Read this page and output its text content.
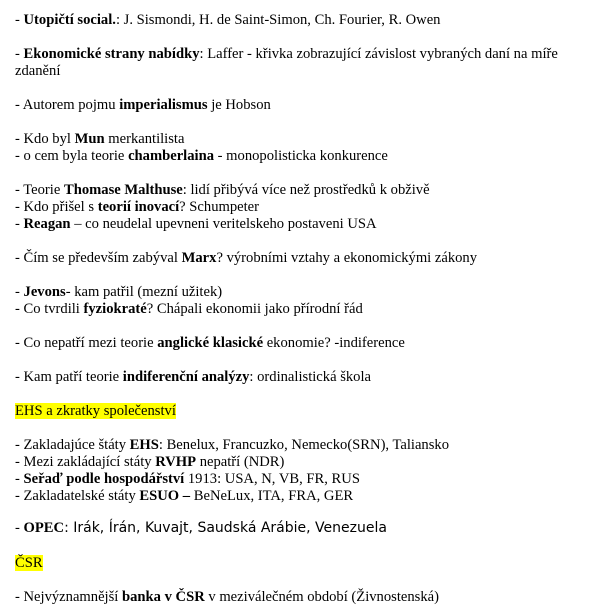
- Utopičtí social.: J. Sismondi, H. de Saint-Simon, Ch. Fourier, R. Owen
- Ekonomické strany nabídky: Laffer - křivka zobrazující závislost vybraných daní na míře zdanění
- Autorem pojmu imperialismus je Hobson
- Kdo byl Mun merkantilista
- o cem byla teorie chamberlaina - monopolisticka konkurence
- Teorie Thomase Malthuse: lidí přibývá více než prostředků k obživě
- Kdo přišel s teorií inovací? Schumpeter
- Reagan – co neudelal upevneni veritelskeho postaveni USA
- Čím se především zabýval Marx? výrobními vztahy a ekonomickými zákony
- Jevons- kam patřil (mezní užitek)
- Co tvrdili fyziokraté? Chápali ekonomii jako přírodní řád
- Co nepatří mezi teorie anglické klasické ekonomie? -indiference
- Kam patří teorie indiferenční analýzy: ordinalistická škola
EHS a zkratky společenství
- Zakladajúce štáty EHS: Benelux, Francuzko, Nemecko(SRN), Taliansko
- Mezi zakládající státy RVHP nepatří (NDR)
- Seřaď podle hospodářství 1913: USA, N, VB, FR, RUS
- Zakladatelské státy ESUO – BeNeLux, ITA, FRA, GER
- OPEC: Irák, Írán, Kuvajt, Saudská Arábie, Venezuela
ČSR
- Nejvýznamnější banka v ČSR v meziválečném období (Živnostenská)
